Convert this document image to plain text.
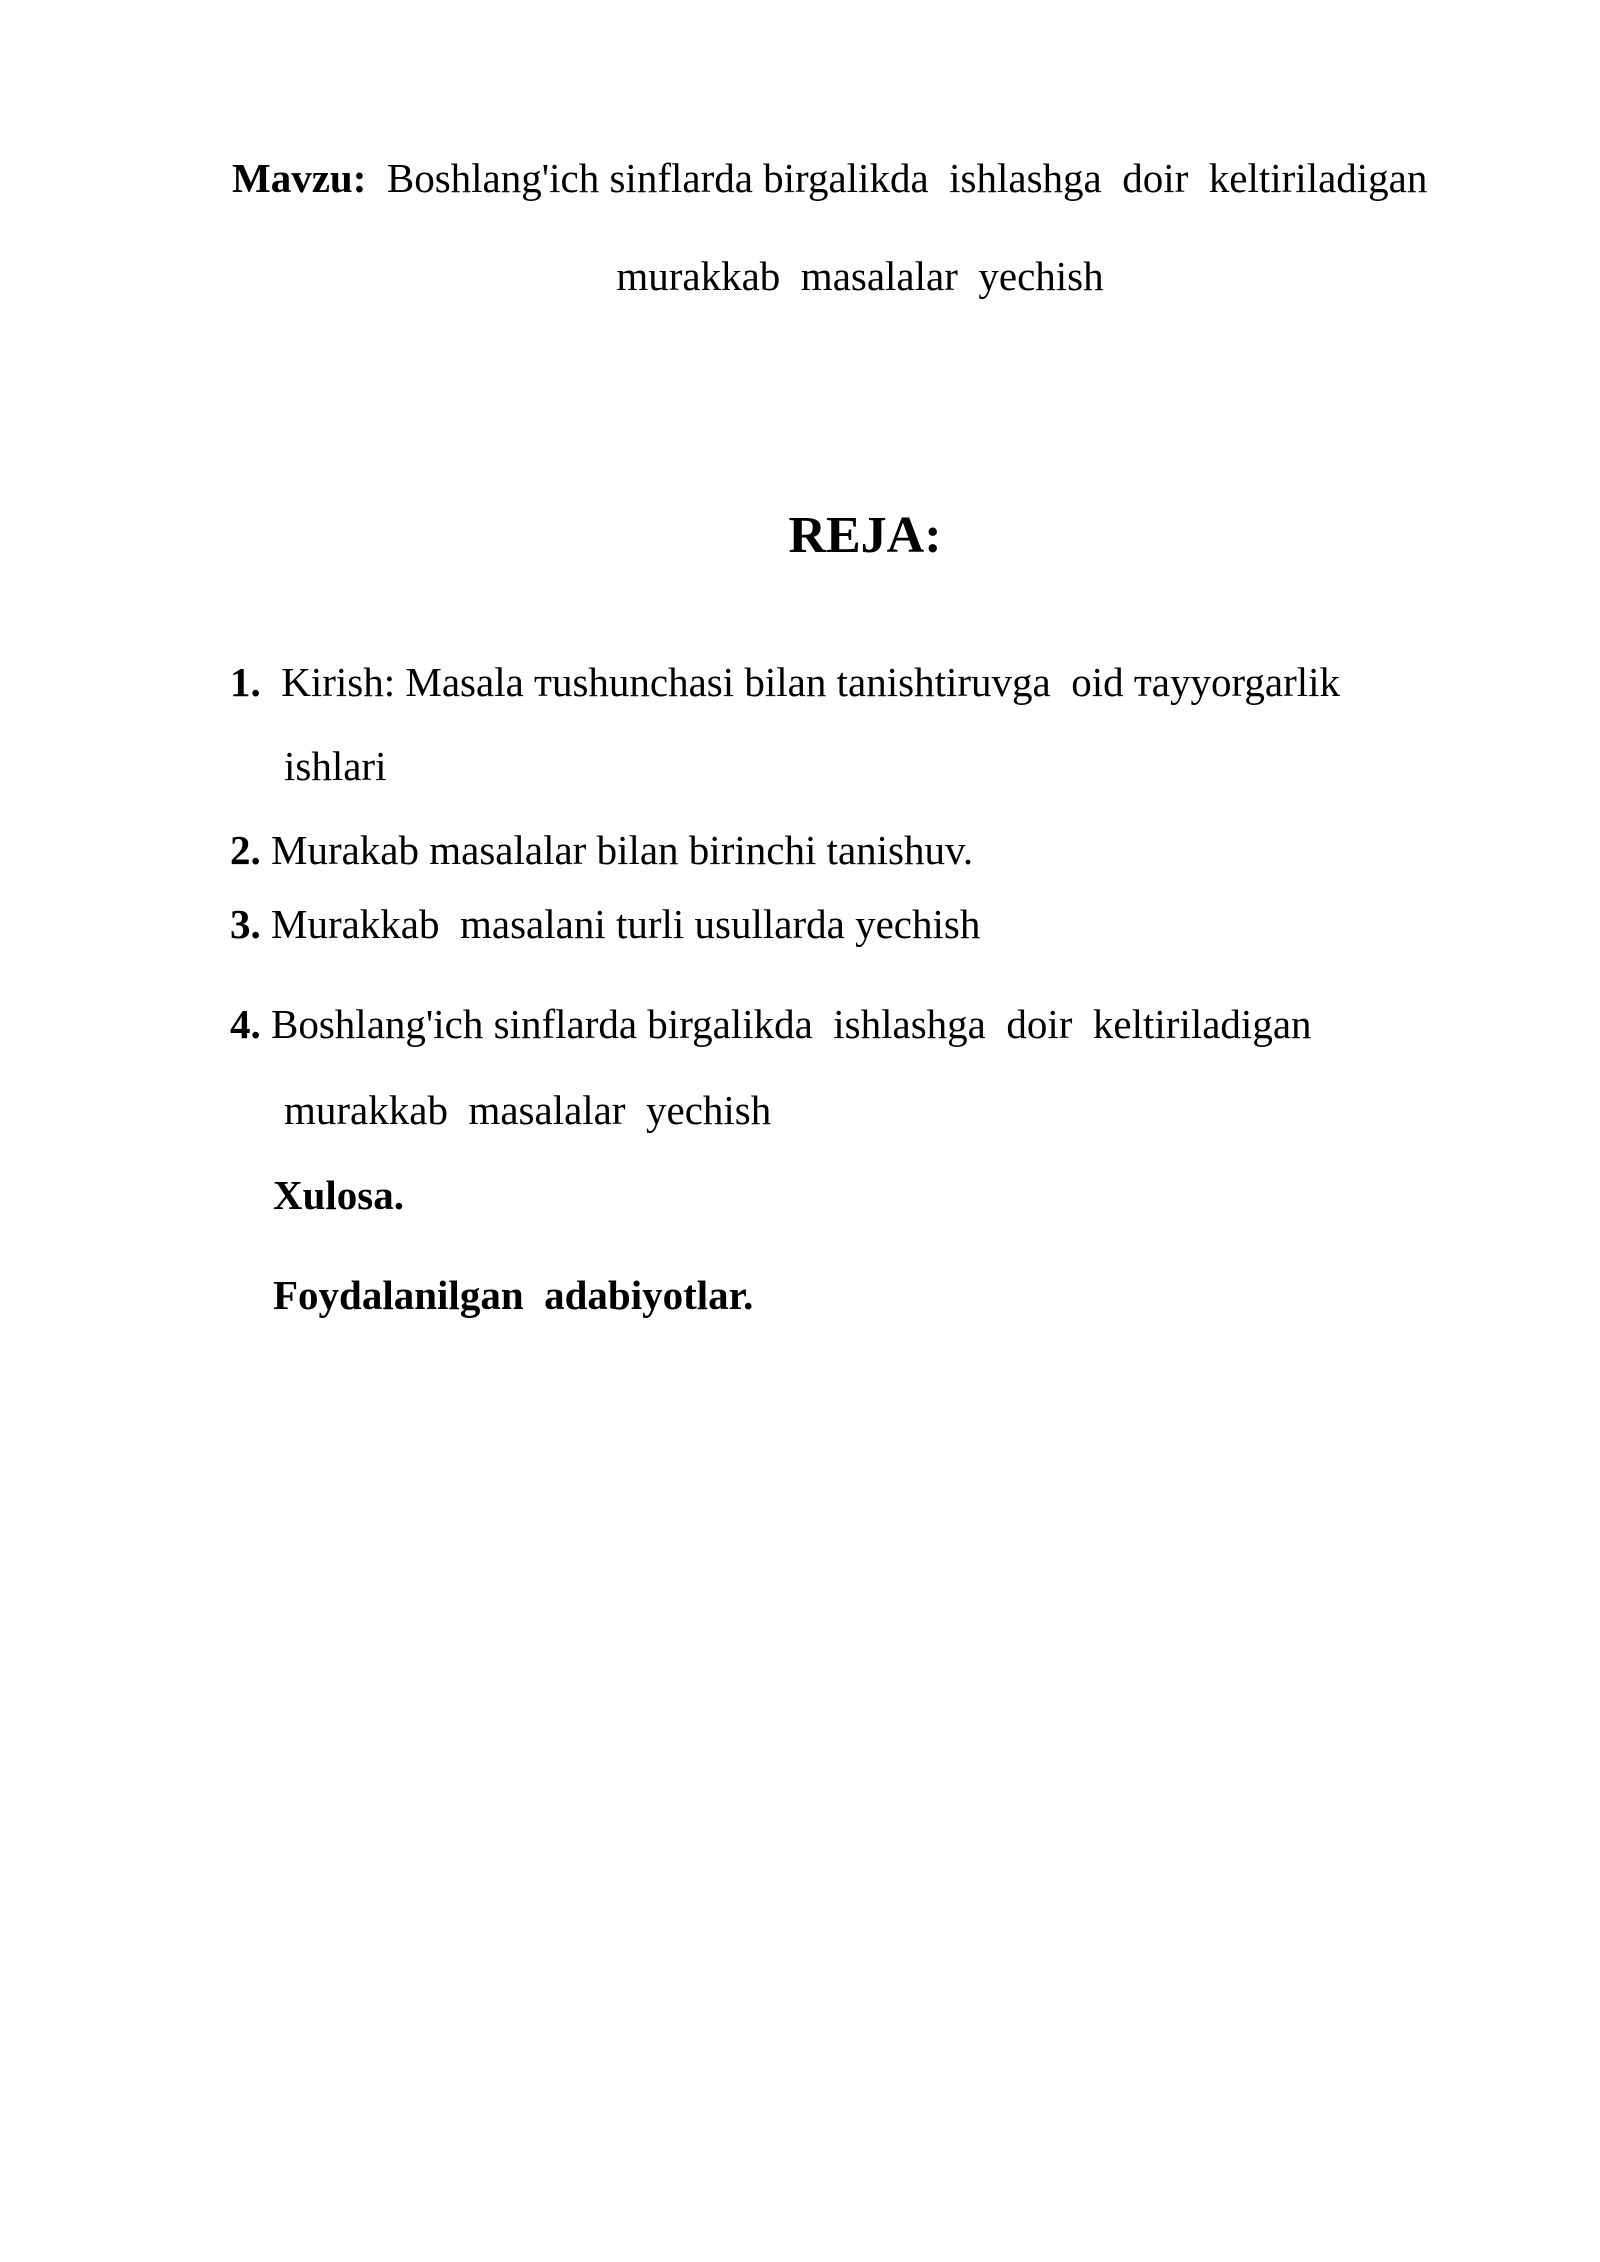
Mavzu: Boshlang'ich sinflarda birgalikda  ishlashga  doir  keltiriladigan
murakkab  masalalar  yechish
REJA:
1. Kirish: Masala тushunchasi bilan tanishtiruvga  oid тayyorgarlik
ishlari
2. Murakab masalalar bilan birinchi tanishuv.
3. Murakkab  masalani turli usullarda yechish
4. Boshlang'ich sinflarda birgalikda  ishlashga  doir  keltiriladigan
murakkab  masalalar  yechish
Xulosa.
Foydalanilgan  adabiyotlar.
